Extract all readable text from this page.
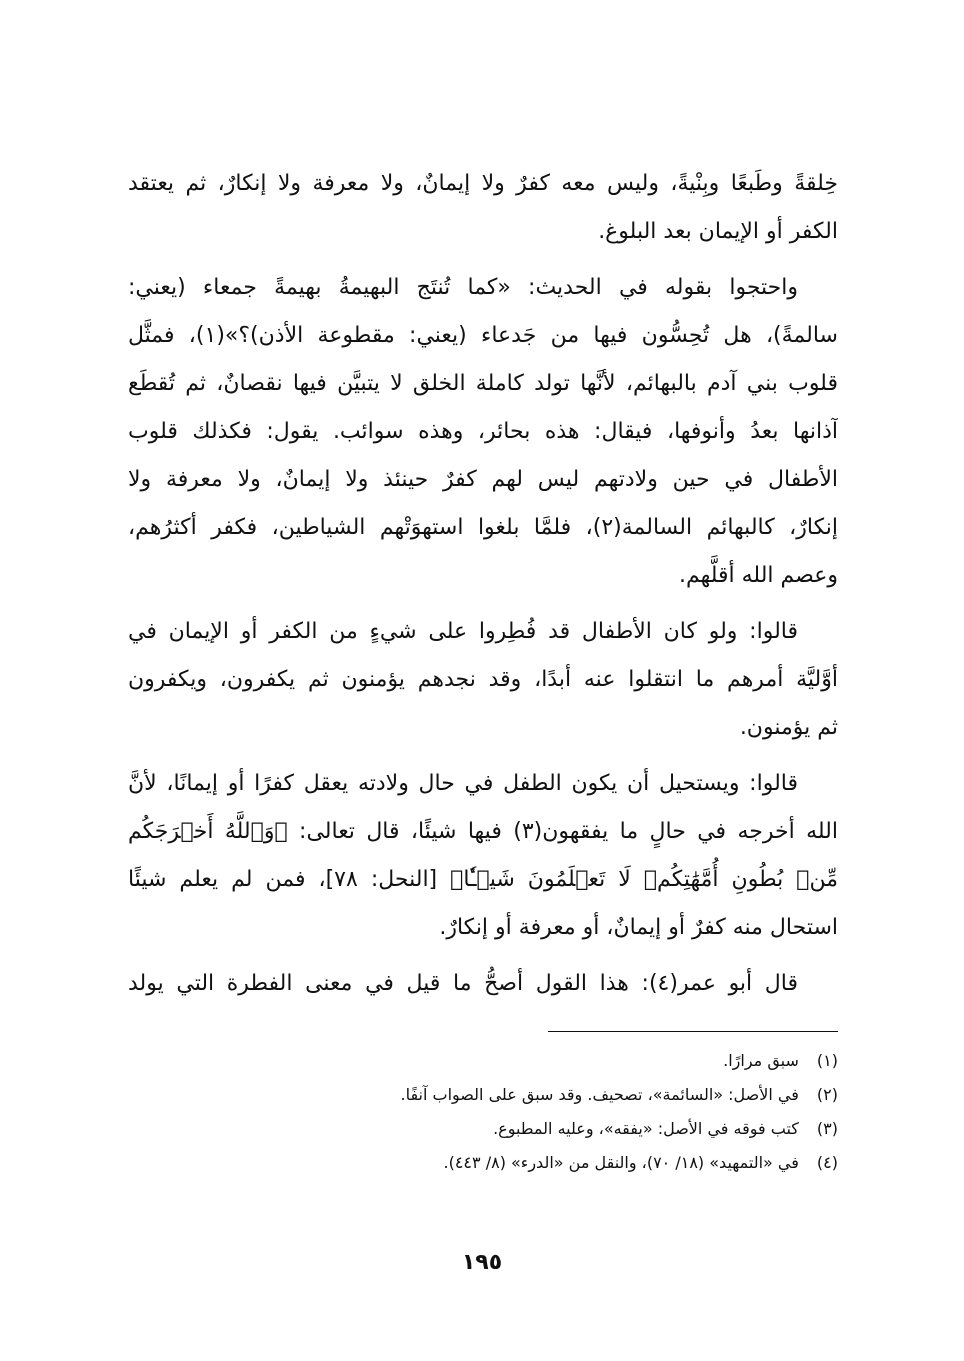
خِلقةً وطَبعًا وبِنْيةً، وليس معه كفرٌ ولا إيمانٌ، ولا معرفة ولا إنكارٌ، ثم يعتقد
الكفر أو الإيمان بعد البلوغ.
واحتجوا بقوله في الحديث: «كما تُنتَج البهيمةُ بهيمةً جمعاء (يعني:
سالمةً)، هل تُحِسُّون فيها من جَدعاء (يعني: مقطوعة الأذن)؟»(١)، فمثَّل
قلوب بني آدم بالبهائم، لأنَّها تولد كاملة الخلق لا يتبيَّن فيها نقصانٌ، ثم تُقطَع
آذانها بعدُ وأنوفها، فيقال: هذه بحائر، وهذه سوائب. يقول: فكذلك قلوب
الأطفال في حين ولادتهم ليس لهم كفرٌ حينئذ ولا إيمانٌ، ولا معرفة ولا
إنكارٌ، كالبهائم السالمة(٢)، فلمَّا بلغوا استهوَتْهم الشياطين، فكفر أكثرُهم،
وعصم الله أقلَّهم.
قالوا: ولو كان الأطفال قد فُطِروا على شيءٍ من الكفر أو الإيمان في
أوَّليَّة أمرهم ما انتقلوا عنه أبدًا، وقد نجدهم يؤمنون ثم يكفرون، ويكفرون
ثم يؤمنون.
قالوا: ويستحيل أن يكون الطفل في حال ولادته يعقل كفرًا أو إيمانًا، لأنَّ
الله أخرجه في حالٍ ما يفقهون(٣) فيها شيئًا، قال تعالى: ﴿وَٱللَّهُ أَخۡرَجَكُم
مِّنۢ بُطُونِ أُمَّهَٰتِكُمۡ لَا تَعۡلَمُونَ شَيۡـٔٗا﴾ [النحل: ٧٨]، فمن لم يعلم شيئًا
استحال منه كفرٌ أو إيمانٌ، أو معرفة أو إنكارٌ.
قال أبو عمر(٤): هذا القول أصحُّ ما قيل في معنى الفطرة التي يولد
(١) سبق مرارًا.
(٢) في الأصل: «السائمة»، تصحيف. وقد سبق على الصواب آنفًا.
(٣) كتب فوقه في الأصل: «يفقه»، وعليه المطبوع.
(٤) في «التمهيد» (١٨/ ٧٠)، والنقل من «الدرء» (٨/ ٤٤٣).
١٩٥
